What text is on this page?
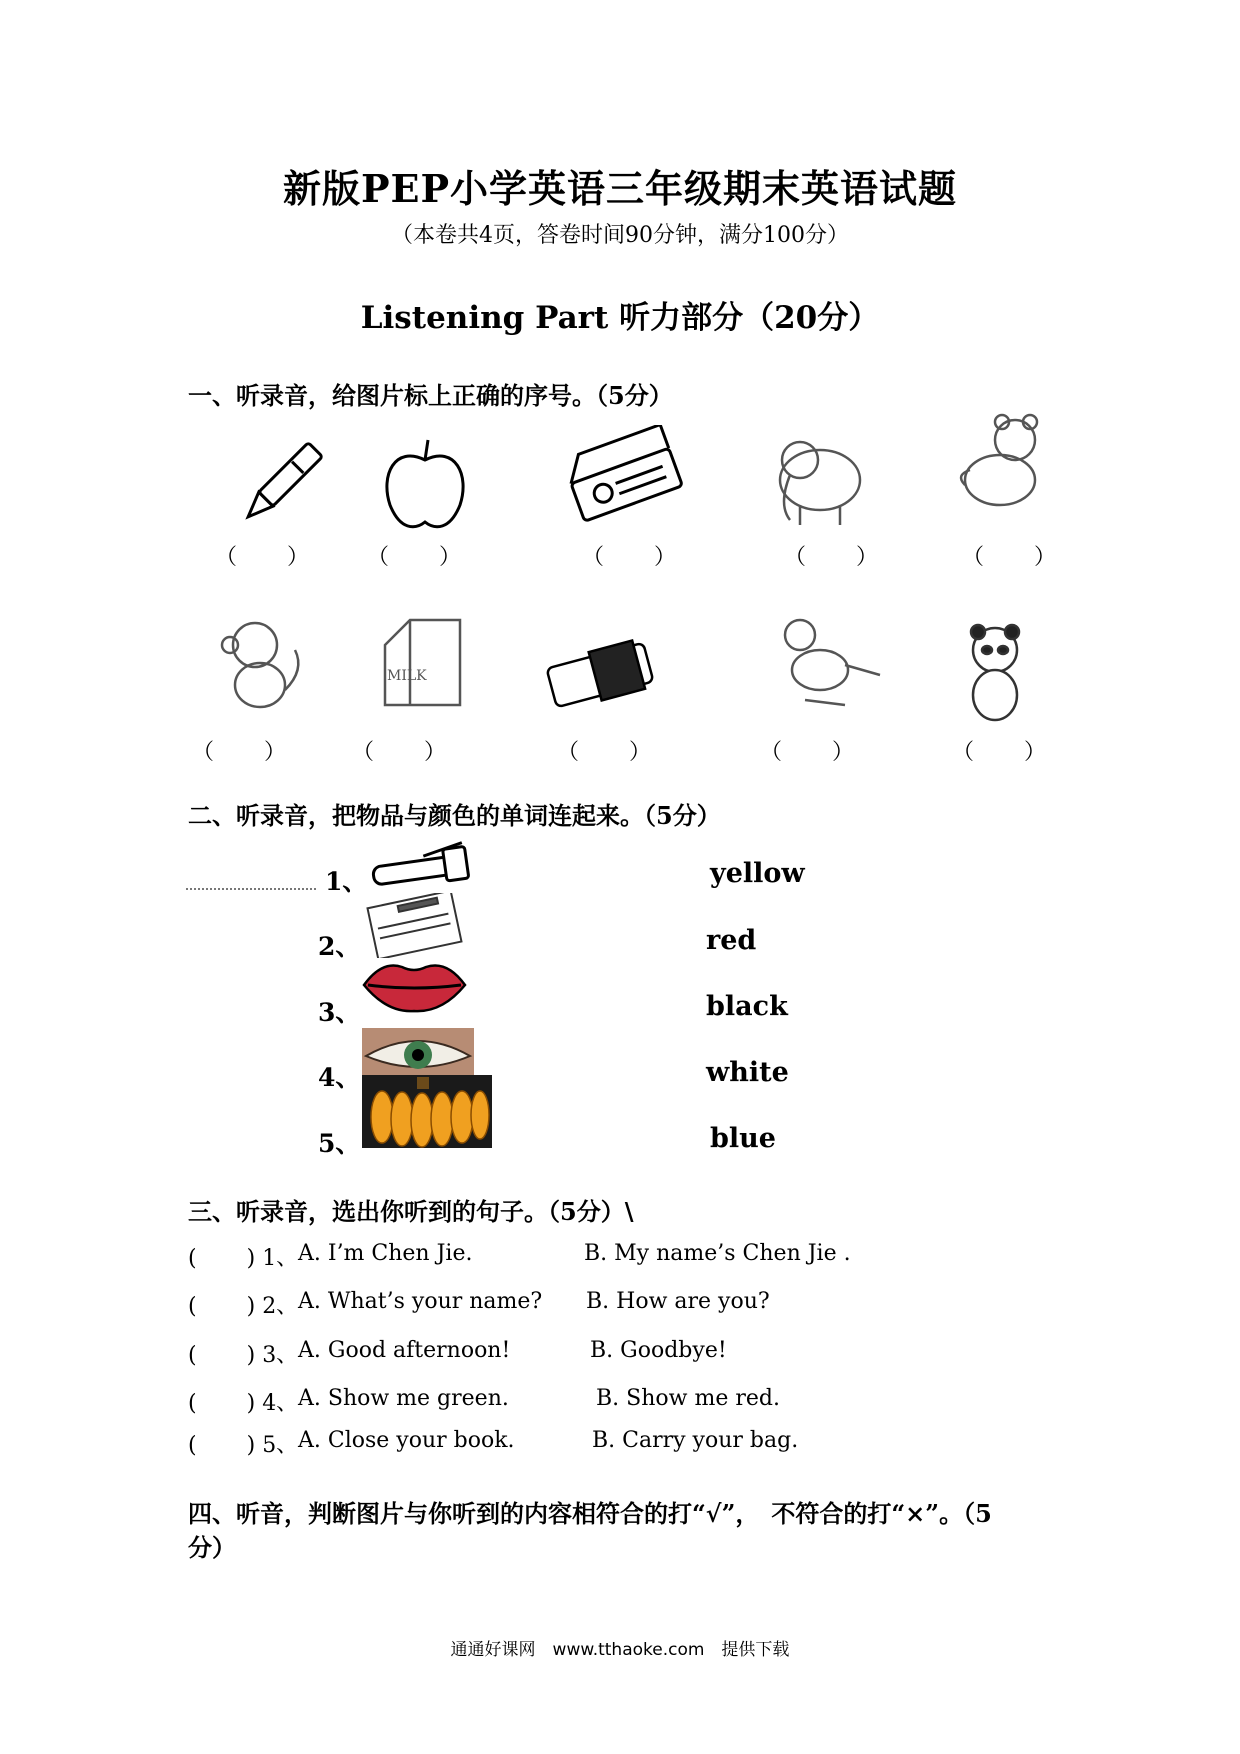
新版PEP小学英语三年级期末英语试题
（本卷共4页，答卷时间90分钟，满分100分）
Listening Part 听力部分（20分）
一、听录音，给图片标上正确的序号。（5分）
（　　）	（　　）	（　　）	（　　）	（　　）
MILK
（　　）	（　　）	（　　）	（　　）	（　　）
二、听录音，把物品与颜色的单词连起来。（5分）
1、	yellow
2、	red
3、	black
4、	white
5、	blue
三、听录音，选出你听到的句子。（5分）\
( ) 1、 A. I’m Chen Jie.	B. My name’s Chen Jie .
( ) 2、 A. What’s your name? B. How are you?
( ) 3、 A. Good afternoon!	B. Goodbye!
( ) 4、 A. Show me green.	B. Show me red.
( ) 5、 A. Close your book.	B. Carry your bag.
四、听音，判断图片与你听到的内容相符合的打“√”，　不符合的打“×”。（5
分）
通通好课网　www.tthaoke.com　提供下载
